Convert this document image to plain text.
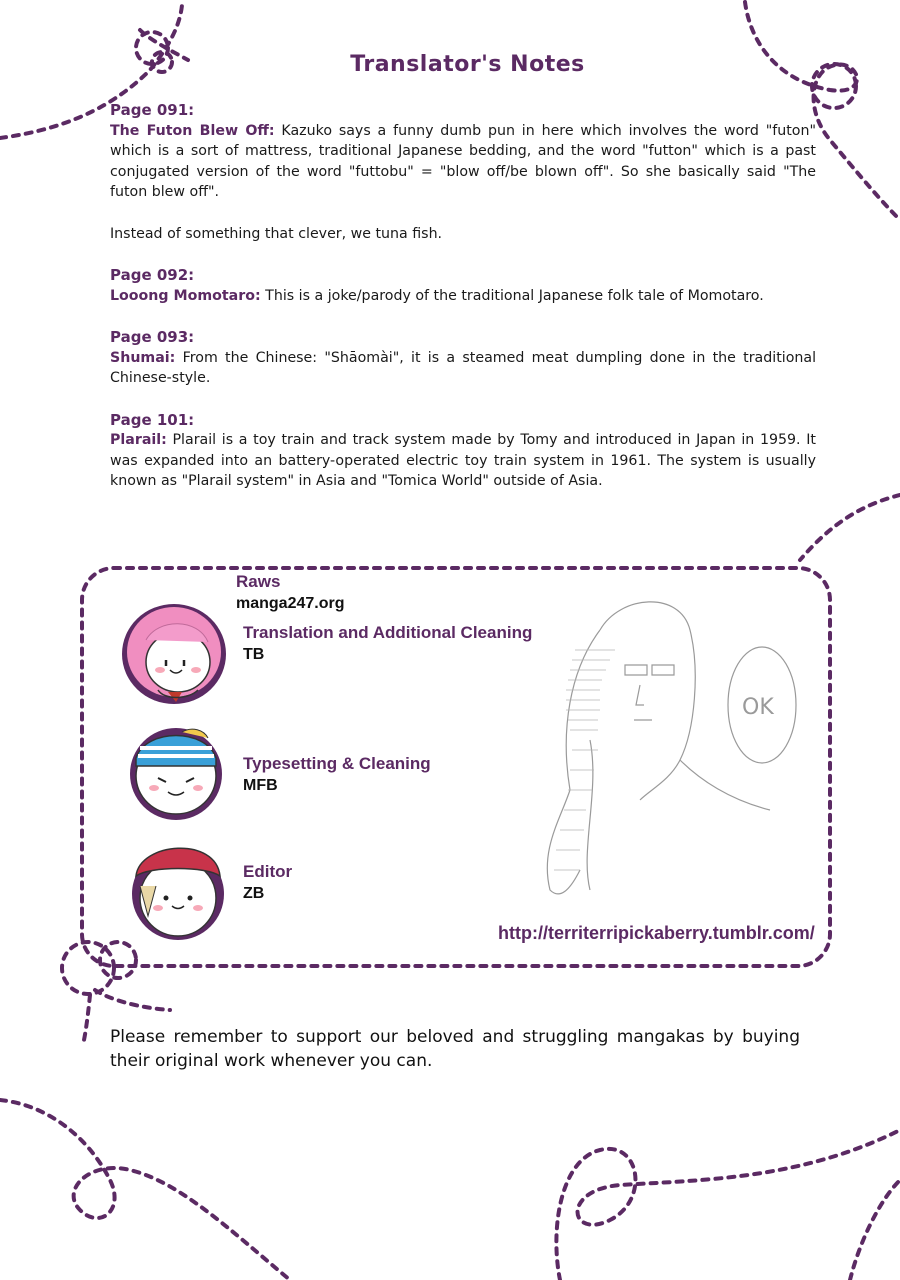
Translator's Notes
Page 091:
The Futon Blew Off: Kazuko says a funny dumb pun in here which involves the word "futon" which is a sort of mattress, traditional Japanese bedding, and the word "futton" which is a past conjugated version of the word "futtobu" = "blow off/be blown off". So she basically said "The futon blew off".
Instead of something that clever, we tuna fish.
Page 092:
Looong Momotaro: This is a joke/parody of the traditional Japanese folk tale of Momotaro.
Page 093:
Shumai: From the Chinese: "Shāomài", it is a steamed meat dumpling done in the traditional Chinese-style.
Page 101:
Plarail: Plarail is a toy train and track system made by Tomy and introduced in Japan in 1959. It was expanded into an battery-operated electric toy train system in 1961. The system is usually known as "Plarail system" in Asia and "Tomica World" outside of Asia.
Raws
manga247.org
Translation and Additional Cleaning
TB
Typesetting & Cleaning
MFB
Editor
ZB
OK
http://territerripickaberry.tumblr.com/
Please remember to support our beloved and struggling mangakas by buying their original work whenever you can.
